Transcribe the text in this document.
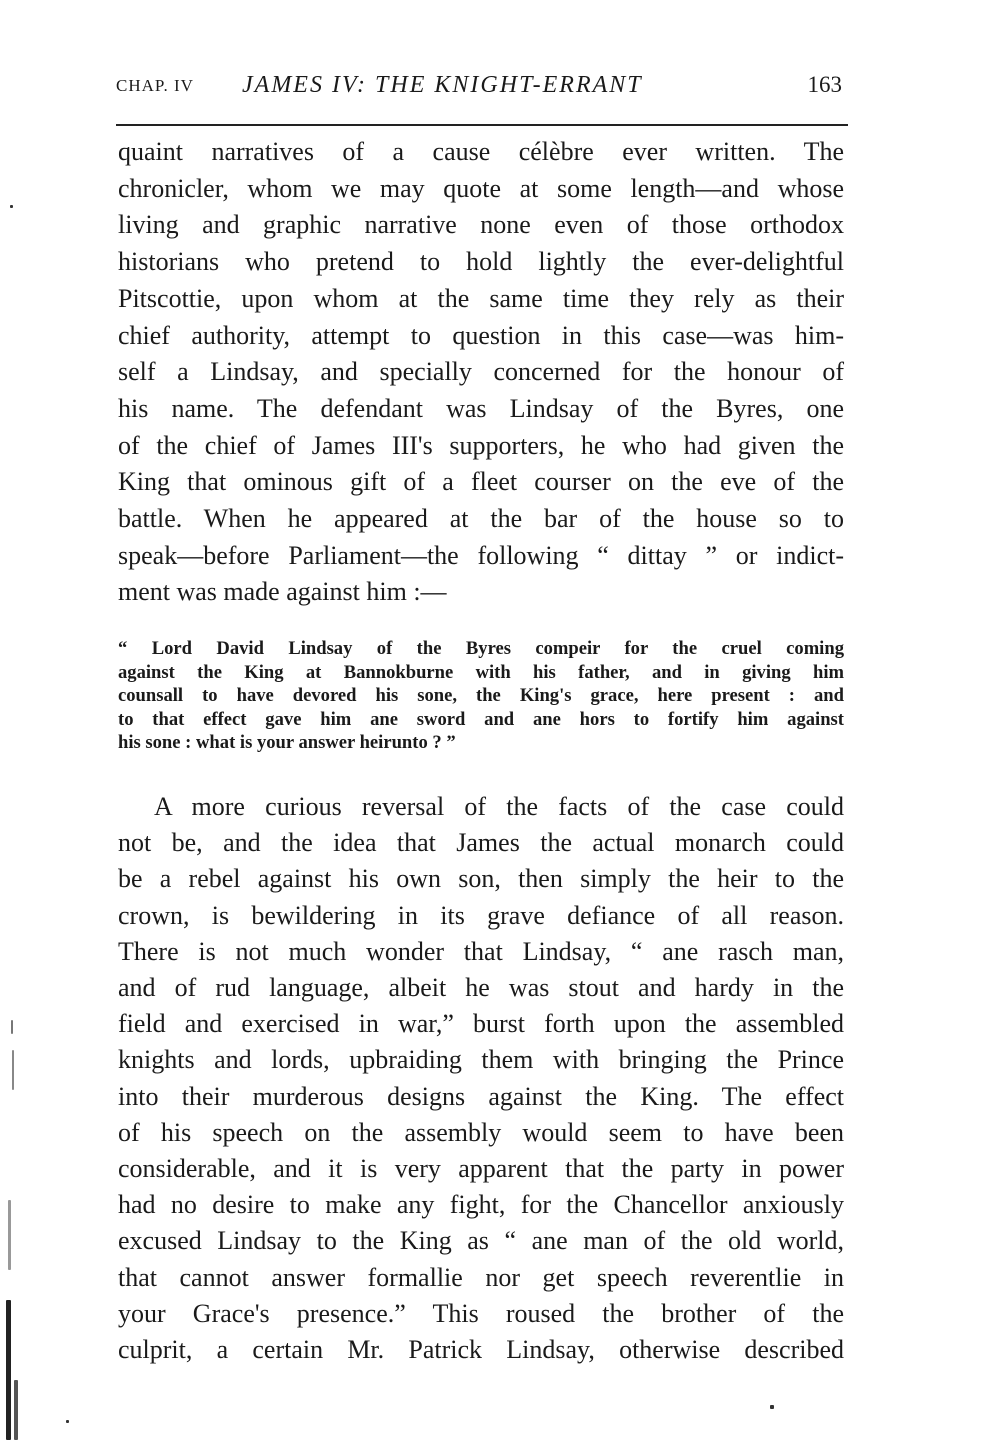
CHAP. IV JAMES IV: THE KNIGHT-ERRANT	163
quaint narratives of a cause célèbre ever written. The
chronicler, whom we may quote at some length—and whose
living and graphic narrative none even of those orthodox
historians who pretend to hold lightly the ever-delightful
Pitscottie, upon whom at the same time they rely as their
chief authority, attempt to question in this case—was him-
self a Lindsay, and specially concerned for the honour of
his name. The defendant was Lindsay of the Byres, one
of the chief of James III's supporters, he who had given the
King that ominous gift of a fleet courser on the eve of the
battle. When he appeared at the bar of the house so to
speak—before Parliament—the following “ dittay ” or indict-
ment was made against him :—
“ Lord David Lindsay of the Byres compeir for the cruel coming
against the King at Bannokburne with his father, and in giving him
counsall to have devored his sone, the King's grace, here present : and
to that effect gave him ane sword and ane hors to fortify him against
his sone : what is your answer heirunto ? ”
A more curious reversal of the facts of the case could
not be, and the idea that James the actual monarch could
be a rebel against his own son, then simply the heir to the
crown, is bewildering in its grave defiance of all reason.
There is not much wonder that Lindsay, “ ane rasch man,
and of rud language, albeit he was stout and hardy in the
field and exercised in war,” burst forth upon the assembled
knights and lords, upbraiding them with bringing the Prince
into their murderous designs against the King. The effect
of his speech on the assembly would seem to have been
considerable, and it is very apparent that the party in power
had no desire to make any fight, for the Chancellor anxiously
excused Lindsay to the King as “ ane man of the old world,
that cannot answer formallie nor get speech reverentlie in
your Grace's presence.” This roused the brother of the
culprit, a certain Mr. Patrick Lindsay, otherwise described
